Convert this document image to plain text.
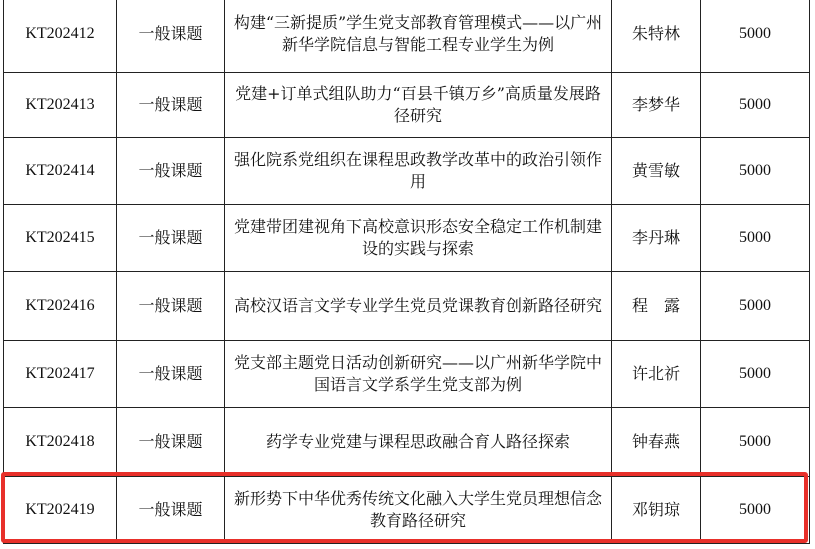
KT202412	一般课题	构建“三新提质”学生党支部教育管理模式——以广州新华学院信息与智能工程专业学生为例	朱特林	5000
KT202413	一般课题	党建+订单式组队助力“百县千镇万乡”高质量发展路径研究	李梦华	5000
KT202414	一般课题	强化院系党组织在课程思政教学改革中的政治引领作用	黄雪敏	5000
KT202415	一般课题	党建带团建视角下高校意识形态安全稳定工作机制建设的实践与探索	李丹琳	5000
KT202416	一般课题	高校汉语言文学专业学生党员党课教育创新路径研究	程　露	5000
KT202417	一般课题	党支部主题党日活动创新研究——以广州新华学院中国语言文学系学生党支部为例	许北祈	5000
KT202418	一般课题	药学专业党建与课程思政融合育人路径探索	钟春燕	5000
KT202419	一般课题	新形势下中华优秀传统文化融入大学生党员理想信念教育路径研究	邓钥琼	5000
